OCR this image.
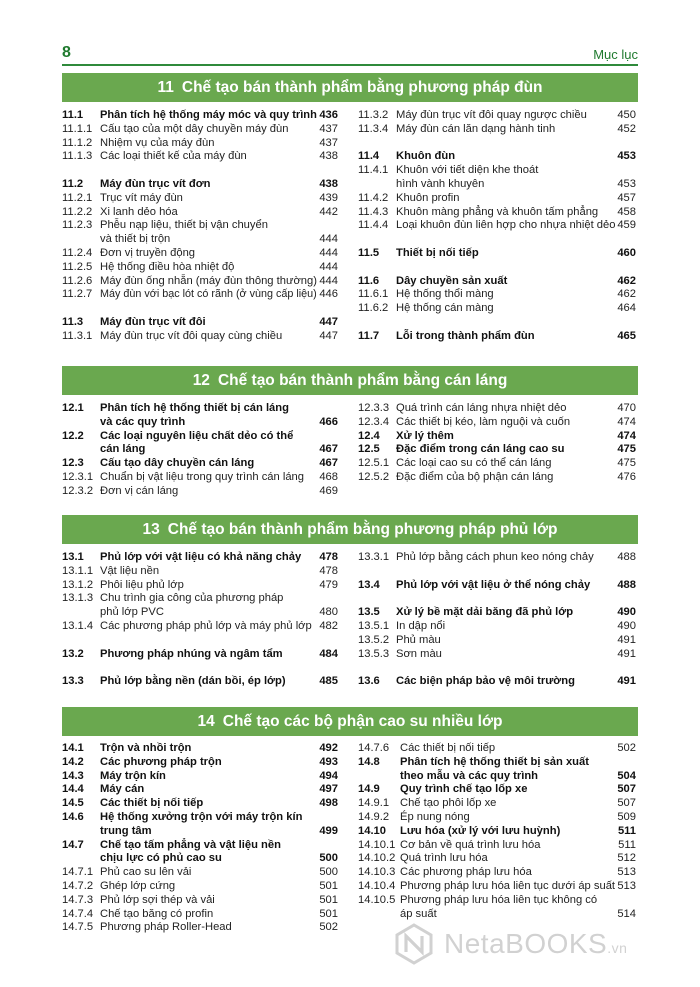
8	Mục lục
11 Chế tạo bán thành phẩm bằng phương pháp đùn
11.1 Phân tích hệ thống máy móc và quy trình 436
11.1.1 Cấu tạo của một dây chuyền máy đùn	437
11.1.2 Nhiệm vụ của máy đùn	437
11.1.3 Các loại thiết kế của máy đùn	438
11.2 Máy đùn trục vít đơn	438
11.2.1 Trục vít máy đùn	439
11.2.2 Xi lanh dẻo hóa	442
11.2.3 Phễu nạp liệu, thiết bị vận chuyển
và thiết bị trộn	444
11.2.4 Đơn vị truyền động	444
11.2.5 Hệ thống điều hòa nhiệt độ	444
11.2.6 Máy đùn ống nhẵn (máy đùn thông thường) 444
11.2.7 Máy đùn với bạc lót có rãnh (ở vùng cấp liệu) 446
11.3 Máy đùn trục vít đôi	447
11.3.1 Máy đùn trục vít đôi quay cùng chiều	447
11.3.2 Máy đùn trục vít đôi quay ngược chiều	450
11.3.4 Máy đùn cán lăn dạng hành tinh	452
11.4 Khuôn đùn	453
11.4.1 Khuôn với tiết diện khe thoát
hình vành khuyên	453
11.4.2 Khuôn profin	457
11.4.3 Khuôn màng phẳng và khuôn tấm phẳng 458
11.4.4 Loại khuôn đùn liên hợp cho nhựa nhiệt dẻo 459
11.5 Thiết bị nối tiếp	460
11.6 Dây chuyền sản xuất	462
11.6.1 Hệ thống thổi màng	462
11.6.2 Hệ thống cán màng	464
11.7 Lỗi trong thành phẩm đùn	465
12 Chế tạo bán thành phẩm bằng cán láng
12.1 Phân tích hệ thống thiết bị cán láng
và các quy trình	466
12.2 Các loại nguyên liệu chất dẻo có thể
cán láng	467
12.3 Cấu tạo dây chuyền cán láng	467
12.3.1 Chuẩn bị vật liệu trong quy trình cán láng 468
12.3.2 Đơn vị cán láng	469
12.3.3 Quá trình cán láng nhựa nhiệt dẻo	470
12.3.4 Các thiết bị kéo, làm nguội và cuốn	474
12.4 Xử lý thêm	474
12.5 Đặc điểm trong cán láng cao su	475
12.5.1 Các loại cao su có thể cán láng	475
12.5.2 Đặc điểm của bộ phận cán láng	476
13 Chế tạo bán thành phẩm bằng phương pháp phủ lớp
13.1 Phủ lớp với vật liệu có khả năng chảy 478
13.1.1 Vật liệu nền	478
13.1.2 Phôi liệu phủ lớp	479
13.1.3 Chu trình gia công của phương pháp
phủ lớp PVC	480
13.1.4 Các phương pháp phủ lớp và máy phủ lớp 482
13.2 Phương pháp nhúng và ngâm tẩm	484
13.3 Phủ lớp bằng nền (dán bồi, ép lớp)	485
13.3.1 Phủ lớp bằng cách phun keo nóng chảy 488
13.4 Phủ lớp với vật liệu ở thể nóng chảy 488
13.5 Xử lý bề mặt dải băng đã phủ lớp	490
13.5.1 In dập nổi	490
13.5.2 Phủ màu	491
13.5.3 Sơn màu	491
13.6 Các biện pháp bảo vệ môi trường	491
14 Chế tạo các bộ phận cao su nhiều lớp
14.1 Trộn và nhồi trộn	492
14.2 Các phương pháp trộn	493
14.3 Máy trộn kín	494
14.4 Máy cán	497
14.5 Các thiết bị nối tiếp	498
14.6 Hệ thống xưởng trộn với máy trộn kín
trung tâm	499
14.7 Chế tạo tấm phẳng và vật liệu nền
chịu lực có phủ cao su	500
14.7.1 Phủ cao su lên vải	500
14.7.2 Ghép lớp cứng	501
14.7.3 Phủ lớp sợi thép và vải	501
14.7.4 Chế tạo băng có profin	501
14.7.5 Phương pháp Roller-Head	502
14.7.6 Các thiết bị nối tiếp	502
14.8 Phân tích hệ thống thiết bị sản xuất
theo mẫu và các quy trình	504
14.9 Quy trình chế tạo lốp xe	507
14.9.1 Chế tạo phôi lốp xe	507
14.9.2 Ép nung nóng	509
14.10 Lưu hóa (xử lý với lưu huỳnh)	511
14.10.1 Cơ bản về quá trình lưu hóa	511
14.10.2 Quá trình lưu hóa	512
14.10.3 Các phương pháp lưu hóa	513
14.10.4 Phương pháp lưu hóa liên tục dưới áp suất 513
14.10.5 Phương pháp lưu hóa liên tục không có
áp suất	514
NetaBOOKS.vn
